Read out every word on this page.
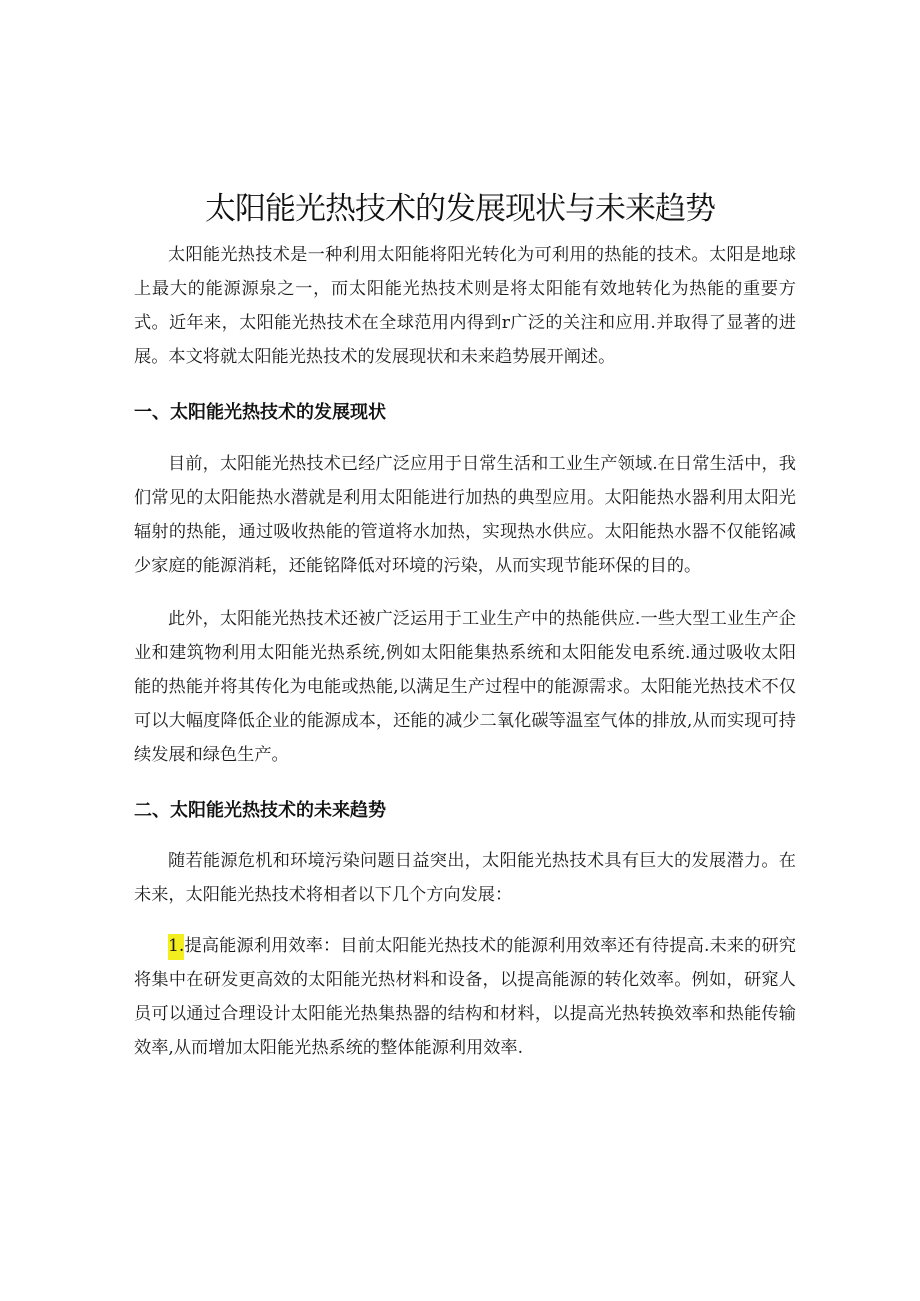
太阳能光热技术的发展现状与未来趋势

太阳能光热技术是一种利用太阳能将阳光转化为可利用的热能的技术。太阳是地球上最大的能源源泉之一，而太阳能光热技术则是将太阳能有效地转化为热能的重要方式。近年来，太阳能光热技术在全球范用内得到r广泛的关注和应用.并取得了显著的进展。本文将就太阳能光热技术的发展现状和未来趋势展开阐述。

一、太阳能光热技术的发展现状

目前，太阳能光热技术已经广泛应用于日常生活和工业生产领域.在日常生活中，我们常见的太阳能热水潜就是利用太阳能进行加热的典型应用。太阳能热水器利用太阳光辐射的热能，通过吸收热能的管道将水加热，实现热水供应。太阳能热水器不仅能铭减少家庭的能源消耗，还能铭降低对环境的污染，从而实现节能环保的目的。

此外，太阳能光热技术还被广泛运用于工业生产中的热能供应.一些大型工业生产企业和建筑物利用太阳能光热系统,例如太阳能集热系统和太阳能发电系统.通过吸收太阳能的热能并将其传化为电能或热能,以满足生产过程中的能源需求。太阳能光热技术不仅可以大幅度降低企业的能源成本，还能的减少二氧化碳等温室气体的排放,从而实现可持续发展和绿色生产。

二、太阳能光热技术的未来趋势

随若能源危机和环境污染问题日益突出，太阳能光热技术具有巨大的发展潜力。在未来，太阳能光热技术将相者以下几个方向发展：

1.提高能源利用效率：目前太阳能光热技术的能源利用效率还有待提高.未来的研究将集中在研发更高效的太阳能光热材料和设备，以提高能源的转化效率。例如，研窕人员可以通过合理设计太阳能光热集热器的结构和材料，以提高光热转换效率和热能传输效率,从而增加太阳能光热系统的整体能源利用效率.
